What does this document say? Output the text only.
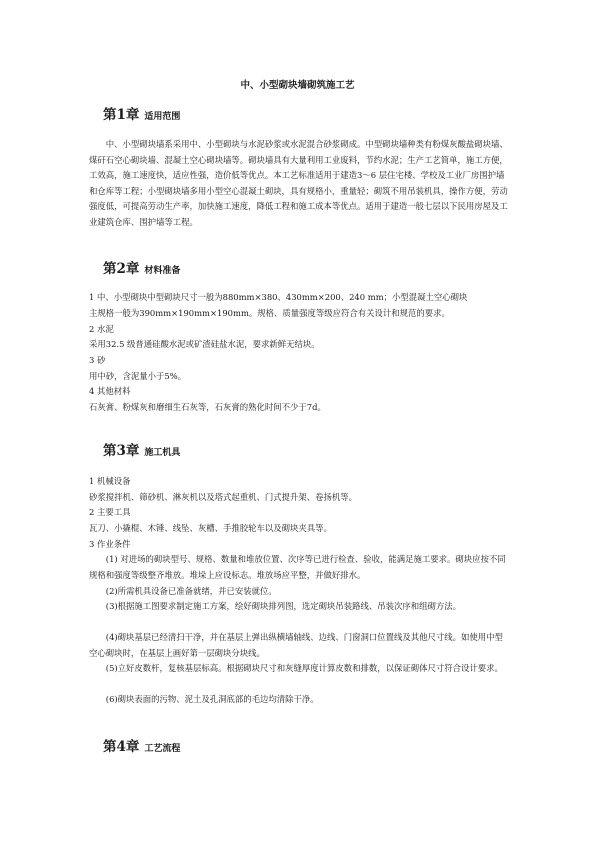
中、小型砌块墙砌筑施工艺
第1章 适用范围

中、小型砌块墙系采用中、小型砌块与水泥砂浆或水泥混合砂浆砌成。中型砌块墙种类有粉煤灰酸盐砌块墙、煤矸石空心砌块墙、混凝土空心砌块墙等。砌块墙具有大量利用工业废料，节约水泥；生产工艺简单，施工方便，工效高，施工速度快，适应性强，造价低等优点。本工艺标准适用于建造3～6 层住宅楼、学校及工业厂房围护墙和仓库等工程；小型砌块墙多用小型空心混凝土砌块，具有规格小，重量轻；砌筑不用吊装机具，操作方便，劳动强度低，可提高劳动生产率，加快施工速度，降低工程和施工成本等优点。适用于建造一般七层以下民用房屋及工业建筑仓库、围护墙等工程。

第2章 材料准备
1 中、小型砌块中型砌块尺寸一般为880mm×380、430mm×200、240 mm；小型混凝土空心砌块
主规格一般为390mm×190mm×190mm。规格、质量强度等级应符合有关设计和规范的要求。
2 水泥
采用32.5 级普通硅酸水泥或矿渣硅盐水泥，要求新鲜无结块。
3 砂
用中砂，含泥量小于5%。
4 其他材料
石灰膏、粉煤灰和磨细生石灰等，石灰膏的熟化时间不少于7d。
第3章 施工机具
1 机械设备
砂浆搅拌机、筛砂机、淋灰机以及塔式起重机、门式提升架、卷扬机等。
2 主要工具
瓦刀、小撬棍、木锤、线坠、灰槽、手推胶轮车以及砌块夹具等。
3 作业条件

(1) 对进场的砌块型号、规格、数量和堆放位置、次序等已进行检查、验收，能满足施工要求。砌块应按不同规格和强度等级整齐堆放。堆垛上应设标志。堆放场应平整，并做好排水。

(2)所需机具设备已准备就绪，并已安装就位。

(3)根据施工图要求制定施工方案，绘好砌块排列图，选定砌块吊装路线、吊装次序和组砌方法。

(4)砌块基层已经清扫干净，并在基层上弹出纵横墙轴线、边线、门窗洞口位置线及其他尺寸线。如使用中型空心砌块时，在基层上画好第一层砌块分块线。

(5)立好皮数杆，复核基层标高。根据砌块尺寸和灰缝厚度计算皮数和排数，以保证砌体尺寸符合设计要求。

(6)砌块表面的污物、泥土及孔洞底部的毛边均清除干净。

第4章 工艺流程
